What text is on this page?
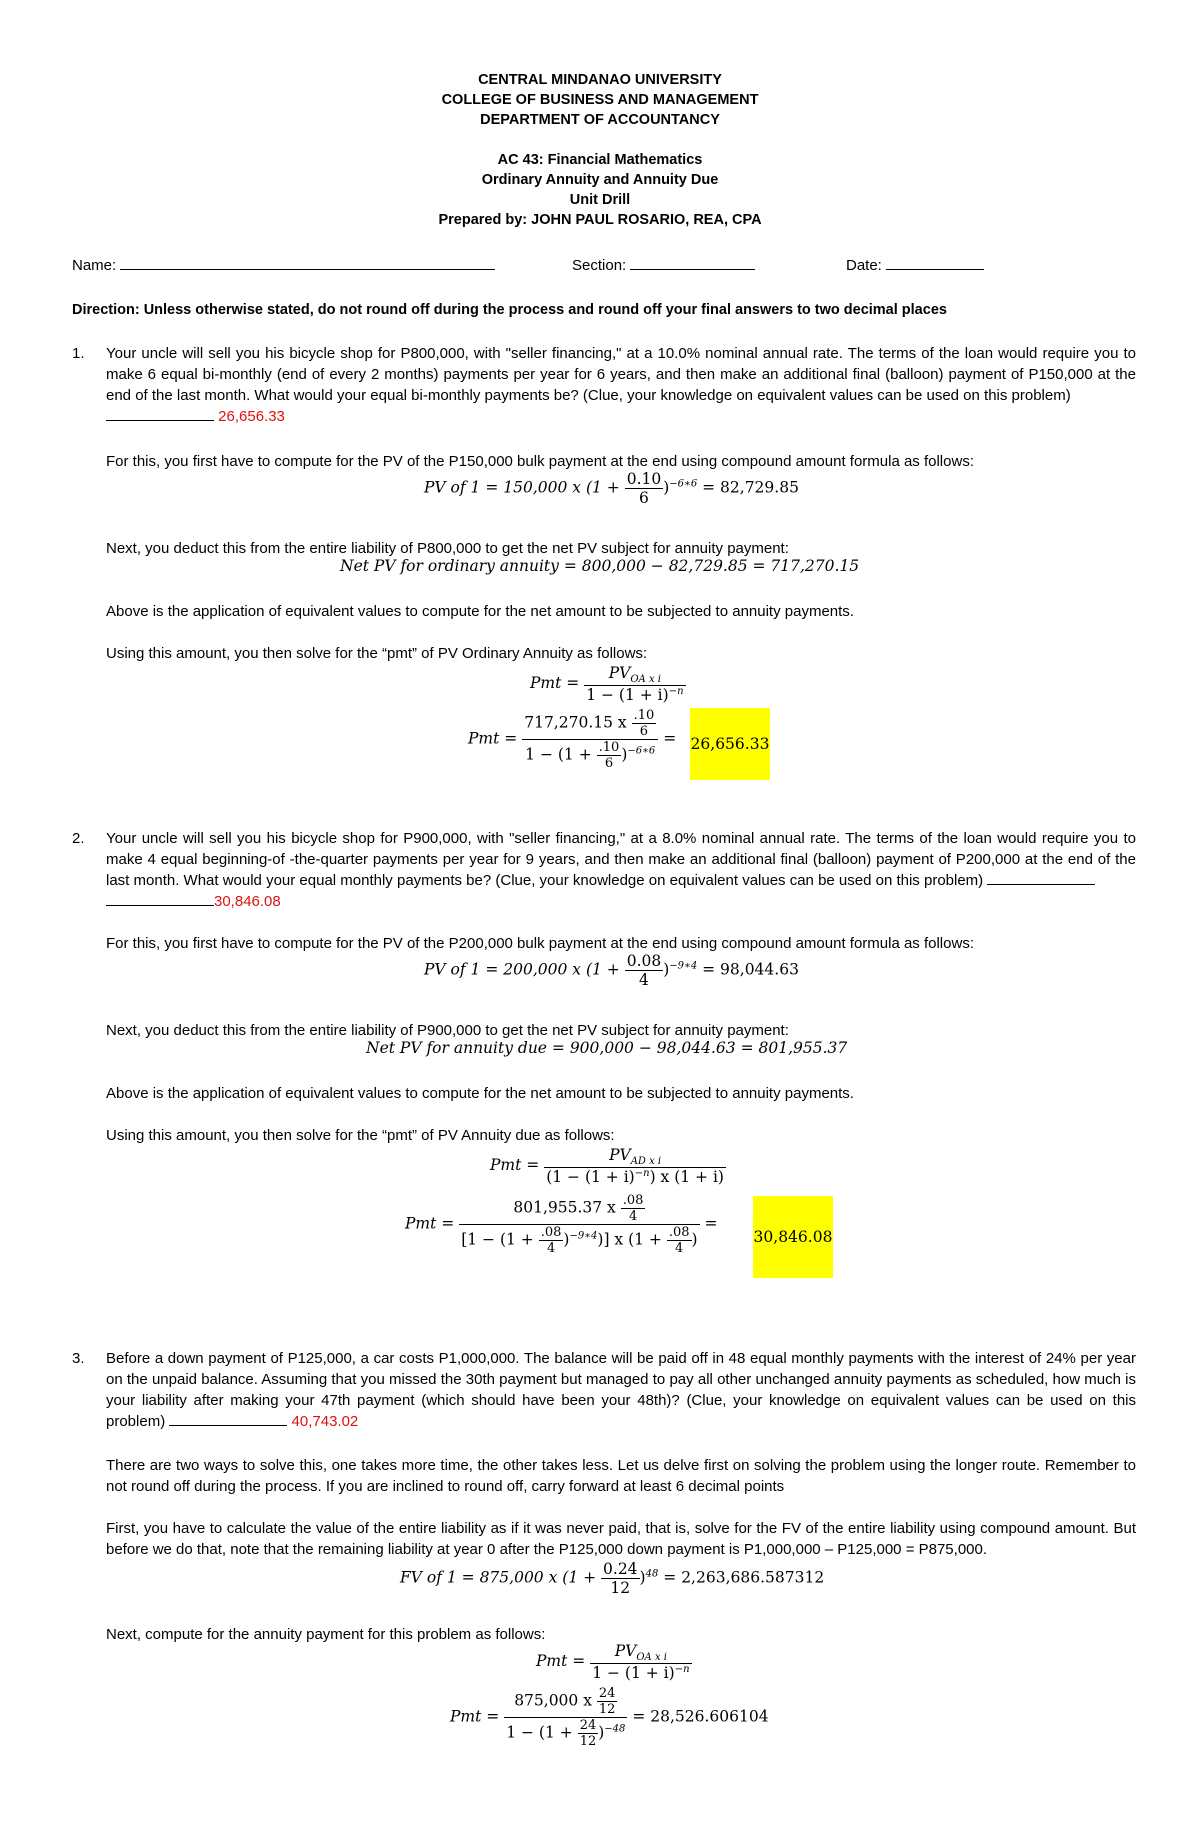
CENTRAL MINDANAO UNIVERSITY
COLLEGE OF BUSINESS AND MANAGEMENT
DEPARTMENT OF ACCOUNTANCY
AC 43: Financial Mathematics
Ordinary Annuity and Annuity Due
Unit Drill
Prepared by: JOHN PAUL ROSARIO, REA, CPA
Name:	Section:	Date:
Direction: Unless otherwise stated, do not round off during the process and round off your final answers to two decimal places
1. Your uncle will sell you his bicycle shop for P800,000, with "seller financing," at a 10.0% nominal annual rate. The terms of the loan would require you to make 6 equal bi-monthly (end of every 2 months) payments per year for 6 years, and then make an additional final (balloon) payment of P150,000 at the end of the last month. What would your equal bi-monthly payments be? (Clue, your knowledge on equivalent values can be used on this problem)
26,656.33
For this, you first have to compute for the PV of the P150,000 bulk payment at the end using compound amount formula as follows:
PV of 1 = 150,000 x $(1 + \frac{0.10}{6} )^{-6∗6} = 82,729.85$
Next, you deduct this from the entire liability of P800,000 to get the net PV subject for annuity payment:
Net PV for ordinary annuity = 800,000 − 82,729.85 = 717,270.15
Above is the application of equivalent values to compute for the net amount to be subjected to annuity payments.
Using this amount, you then solve for the “pmt” of PV Ordinary Annuity as follows:
Pmt = $\frac{PV_{OA x i}}{1 - (1 + i)^{-n}}$
Pmt = $\frac{717,270.15 x \frac{.10}{6}}{1 - (1 + \frac{.10}{6} )^{-6∗6}} = 26,656.33$
2. Your uncle will sell you his bicycle shop for P900,000, with "seller financing," at a 8.0% nominal annual rate. The terms of the loan would require you to make 4 equal beginning-of -the-quarter payments per year for 9 years, and then make an additional final (balloon) payment of P200,000 at the end of the last month. What would your equal monthly payments be? (Clue, your knowledge on equivalent values can be used on this problem)
30,846.08
For this, you first have to compute for the PV of the P200,000 bulk payment at the end using compound amount formula as follows:
PV of 1 = 200,000 x $(1 + \frac{0.08}{4} )^{-9∗4} = 98,044.63$
Next, you deduct this from the entire liability of P900,000 to get the net PV subject for annuity payment:
Net PV for annuity due = 900,000 − 98,044.63 = 801,955.37
Above is the application of equivalent values to compute for the net amount to be subjected to annuity payments.
Using this amount, you then solve for the “pmt” of PV Annuity due as follows:
Pmt = $\frac{PV_{AD x i}}{(1 - (1 + i)^{-n}) x (1 + i)}$
Pmt = $\frac{801,955.37 x \frac{.08}{4}}{[1 - (1 + \frac{.08}{4} )^{-9∗4})] x (1 + \frac{.08}{4} )}$ =
30,846.08
3. Before a down payment of P125,000, a car costs P1,000,000. The balance will be paid off in 48 equal monthly payments with the interest of 24% per year on the unpaid balance. Assuming that you missed the 30th payment but managed to pay all other unchanged annuity payments as scheduled, how much is your liability after making your 47th payment (which should have been your 48th)? (Clue, your knowledge on equivalent values can be used on this problem)	40,743.02
There are two ways to solve this, one takes more time, the other takes less. Let us delve first on solving the problem using the longer route. Remember to not round off during the process. If you are inclined to round off, carry forward at least 6 decimal points
First, you have to calculate the value of the entire liability as if it was never paid, that is, solve for the FV of the entire liability using compound amount. But before we do that, note that the remaining liability at year 0 after the P125,000 down payment is P1,000,000 – P125,000 = P875,000.
FV of 1 = 875,000 x $(1 + \frac{0.24}{12} )^{48} = 2,263,686.587312$
Next, compute for the annuity payment for this problem as follows:
Pmt = $\frac{PV_{OA x i}}{1 - (1 + i)^{-n}}$
Pmt = $\frac{875,000 x \frac{24}{12}}{1 - (1 + \frac{24}{12} )^{-48}} = 28,526.606104$
